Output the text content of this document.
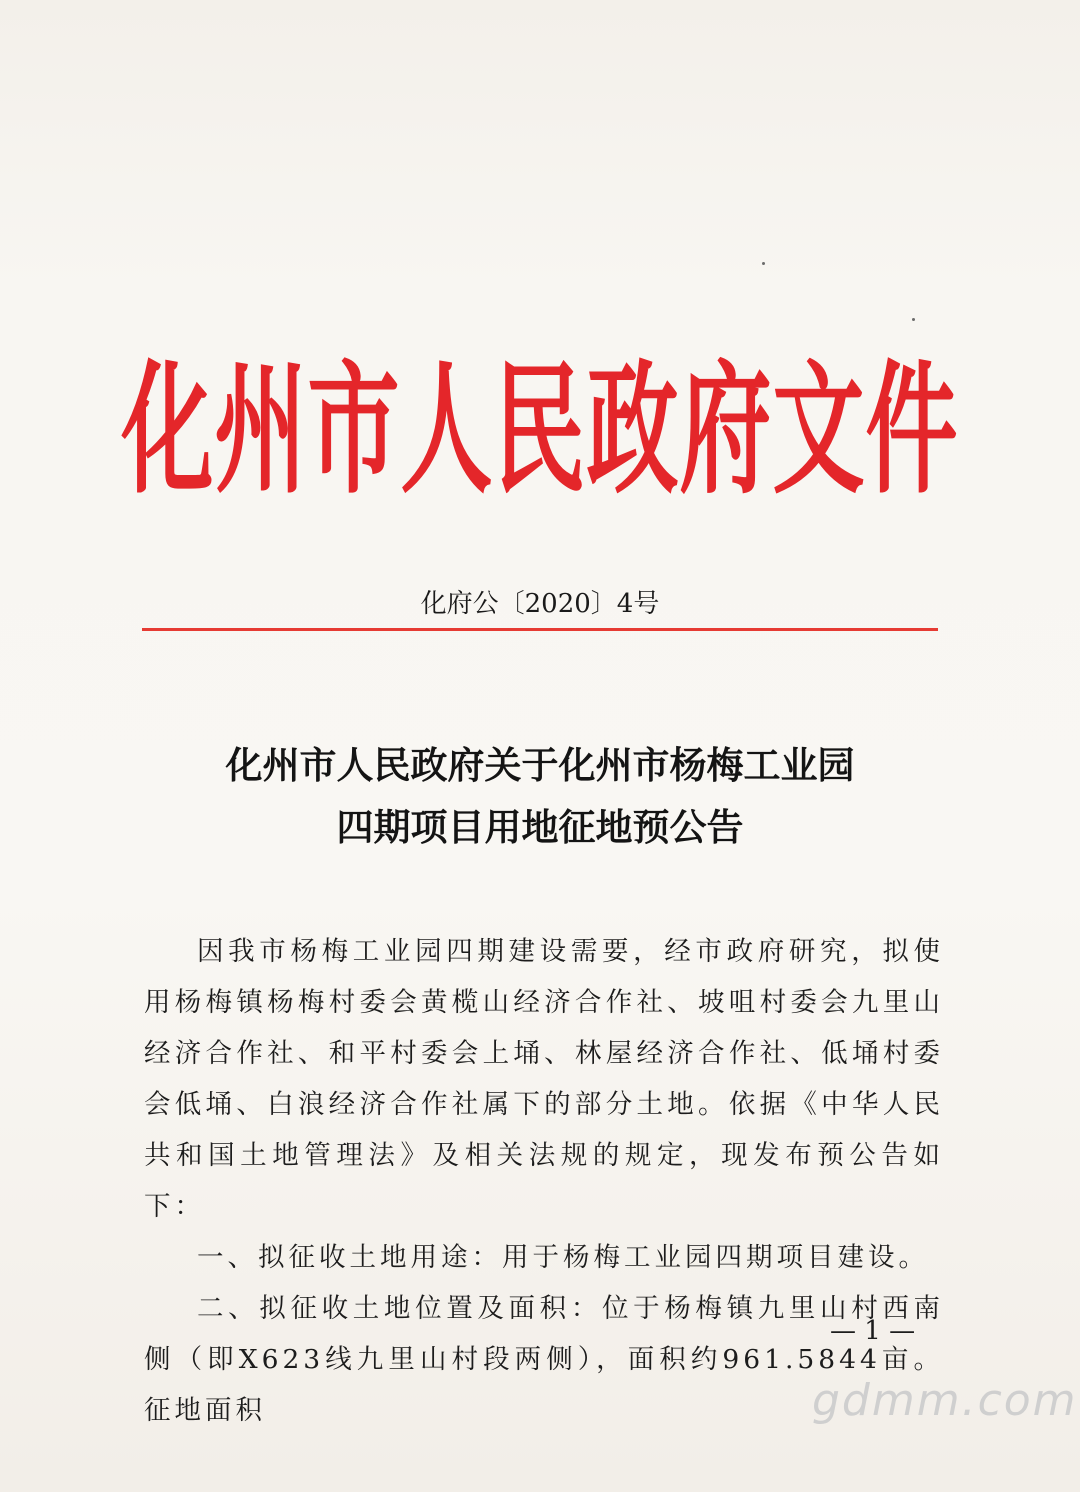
化州市人民政府文件
化府公〔2020〕4号
化州市人民政府关于化州市杨梅工业园
四期项目用地征地预公告

因我市杨梅工业园四期建设需要，经市政府研究，拟使用杨梅镇杨梅村委会黄榄山经济合作社、坡咀村委会九里山经济合作社、和平村委会上埇、林屋经济合作社、低埇村委会低埇、白浪经济合作社属下的部分土地。依据《中华人民共和国土地管理法》及相关法规的规定，现发布预公告如下：

一、拟征收土地用途：用于杨梅工业园四期项目建设。

二、拟征收土地位置及面积：位于杨梅镇九里山村西南侧（即X623线九里山村段两侧），面积约961.5844亩。征地面积

— 1 —
gdmm.com
